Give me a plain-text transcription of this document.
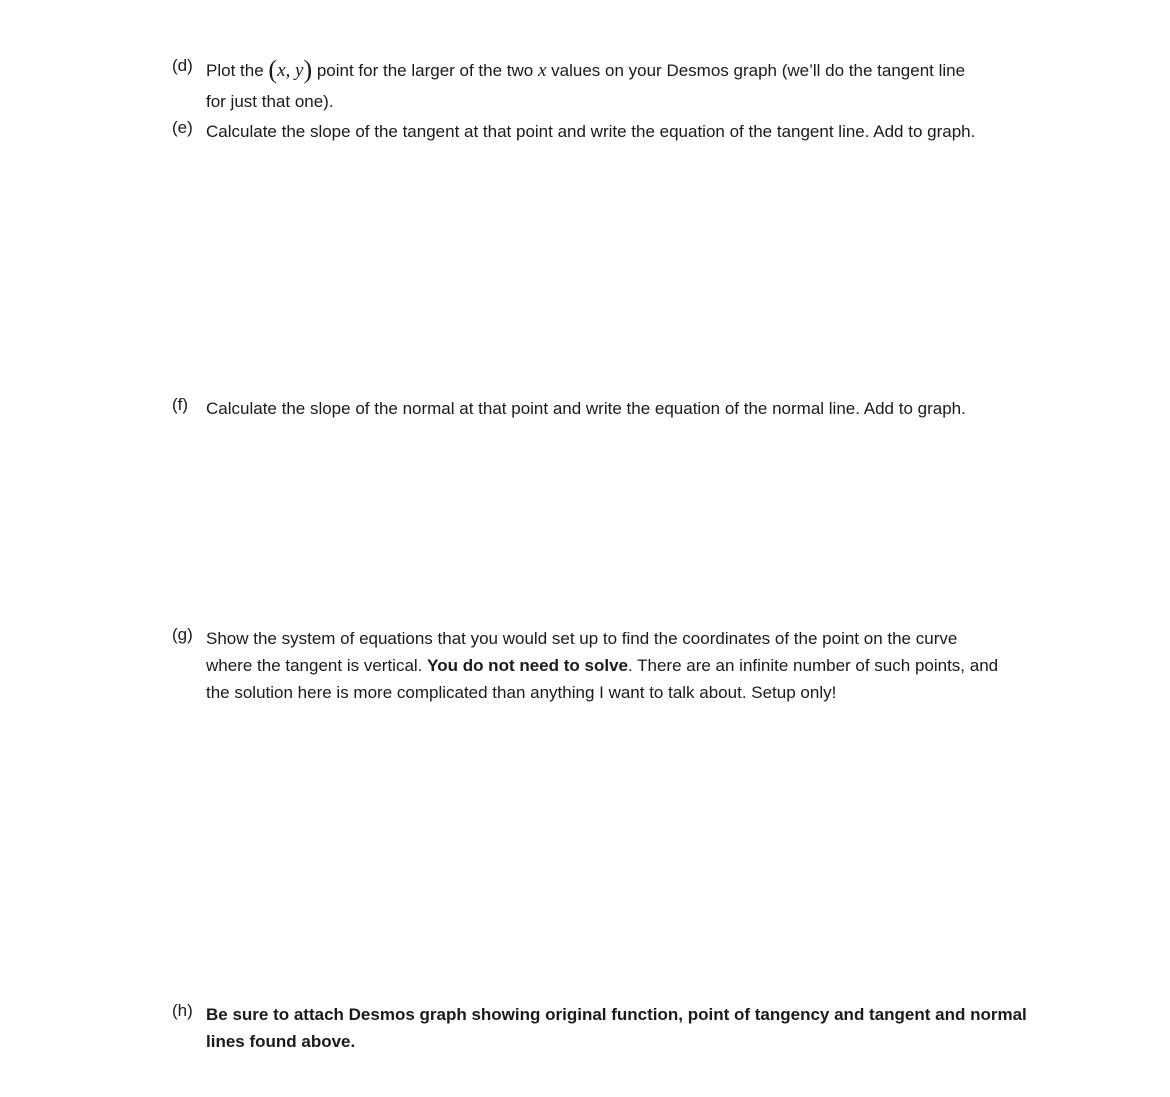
(d) Plot the (x, y) point for the larger of the two x values on your Desmos graph (we’ll do the tangent line
for just that one).
(e) Calculate the slope of the tangent at that point and write the equation of the tangent line. Add to graph.
(f) Calculate the slope of the normal at that point and write the equation of the normal line. Add to graph.
(g) Show the system of equations that you would set up to find the coordinates of the point on the curve
where the tangent is vertical. You do not need to solve. There are an infinite number of such points, and
the solution here is more complicated than anything I want to talk about. Setup only!
(h) Be sure to attach Desmos graph showing original function, point of tangency and tangent and normal
lines found above.
